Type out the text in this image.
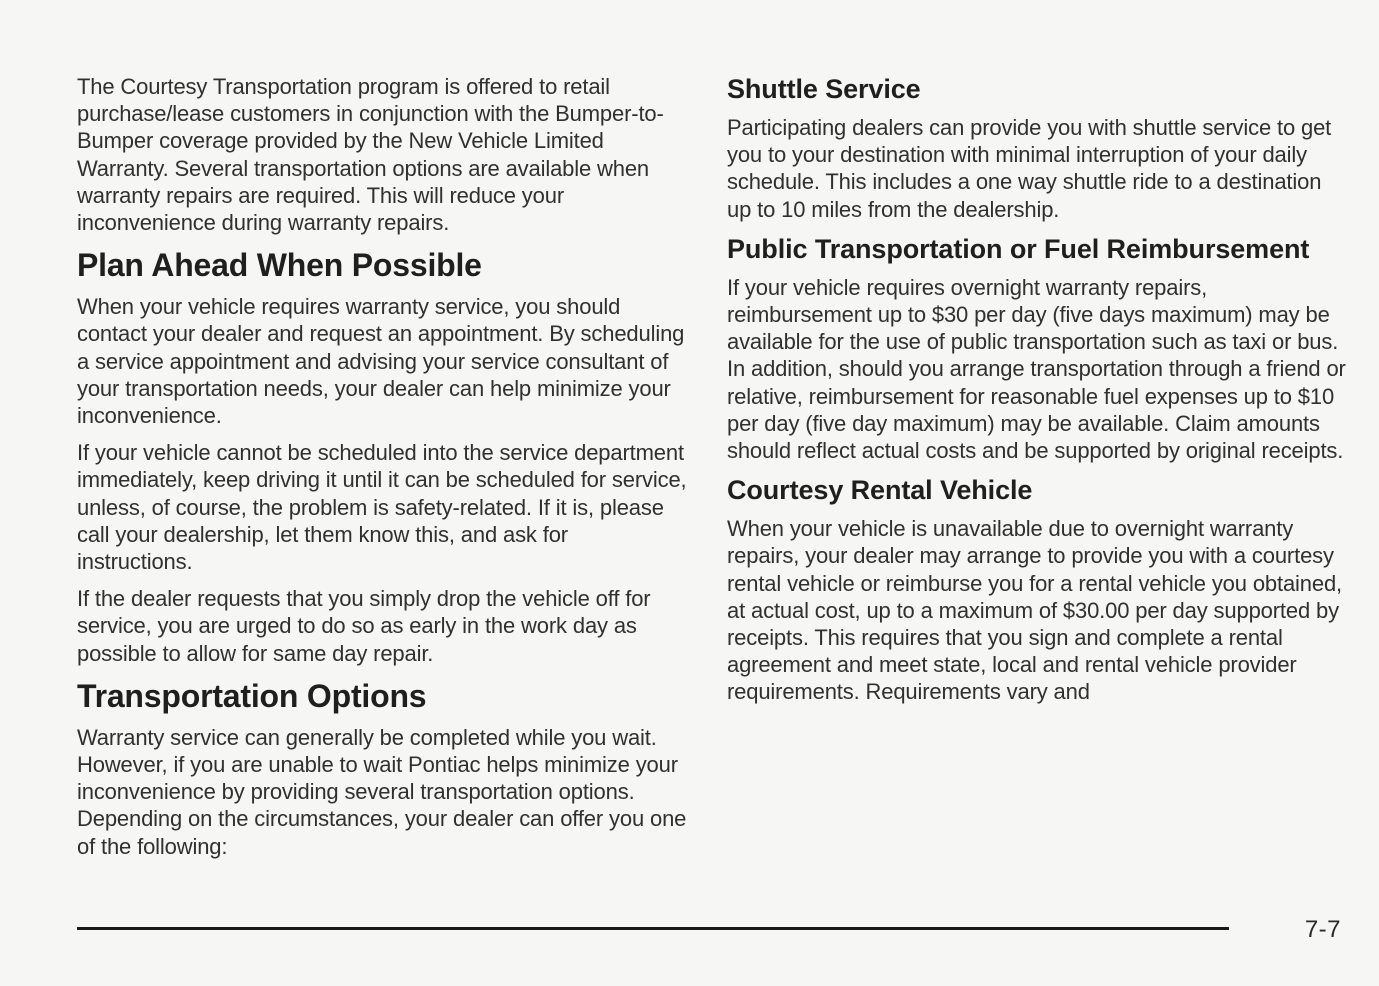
The Courtesy Transportation program is offered to retail purchase/lease customers in conjunction with the Bumper-to-Bumper coverage provided by the New Vehicle Limited Warranty. Several transportation options are available when warranty repairs are required. This will reduce your inconvenience during warranty repairs.

Plan Ahead When Possible

When your vehicle requires warranty service, you should contact your dealer and request an appointment. By scheduling a service appointment and advising your service consultant of your transportation needs, your dealer can help minimize your inconvenience.

If your vehicle cannot be scheduled into the service department immediately, keep driving it until it can be scheduled for service, unless, of course, the problem is safety-related. If it is, please call your dealership, let them know this, and ask for instructions.

If the dealer requests that you simply drop the vehicle off for service, you are urged to do so as early in the work day as possible to allow for same day repair.

Transportation Options

Warranty service can generally be completed while you wait. However, if you are unable to wait Pontiac helps minimize your inconvenience by providing several transportation options. Depending on the circumstances, your dealer can offer you one of the following:

Shuttle Service

Participating dealers can provide you with shuttle service to get you to your destination with minimal interruption of your daily schedule. This includes a one way shuttle ride to a destination up to 10 miles from the dealership.

Public Transportation or Fuel Reimbursement

If your vehicle requires overnight warranty repairs, reimbursement up to $30 per day (five days maximum) may be available for the use of public transportation such as taxi or bus. In addition, should you arrange transportation through a friend or relative, reimbursement for reasonable fuel expenses up to $10 per day (five day maximum) may be available. Claim amounts should reflect actual costs and be supported by original receipts.

Courtesy Rental Vehicle

When your vehicle is unavailable due to overnight warranty repairs, your dealer may arrange to provide you with a courtesy rental vehicle or reimburse you for a rental vehicle you obtained, at actual cost, up to a maximum of $30.00 per day supported by receipts. This requires that you sign and complete a rental agreement and meet state, local and rental vehicle provider requirements. Requirements vary and

7-7
